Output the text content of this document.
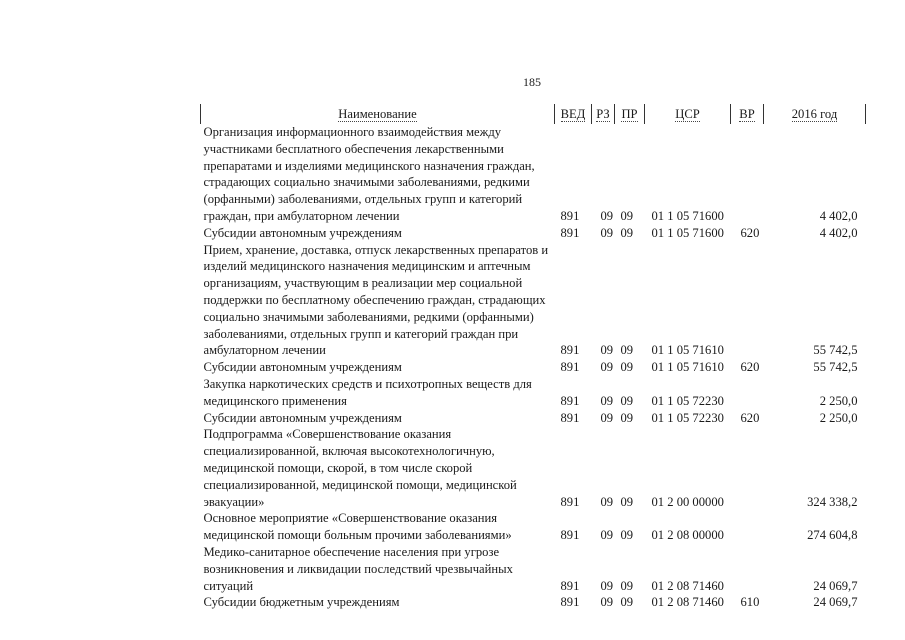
185
Наименование	ВЕД	РЗ	ПР	ЦСР	ВР	2016 год
Организация информационного взаимодействия между участниками бесплатного обеспечения лекарственными препаратами и изделиями медицинского назначения граждан, страдающих социально значимыми заболеваниями, редкими (орфанными) заболеваниями, отдельных групп и категорий граждан, при амбулаторном лечении	891	09	09	01 1 05 71600		4 402,0
Субсидии автономным учреждениям	891	09	09	01 1 05 71600	620	4 402,0
Прием, хранение, доставка, отпуск лекарственных препаратов и изделий медицинского назначения медицинским и аптечным организациям, участвующим в реализации мер социальной поддержки по бесплатному обеспечению граждан, страдающих социально значимыми заболеваниями, редкими (орфанными) заболеваниями, отдельных групп и категорий граждан при амбулаторном лечении	891	09	09	01 1 05 71610		55 742,5
Субсидии автономным учреждениям	891	09	09	01 1 05 71610	620	55 742,5
Закупка наркотических средств и психотропных веществ для медицинского применения	891	09	09	01 1 05 72230		2 250,0
Субсидии автономным учреждениям	891	09	09	01 1 05 72230	620	2 250,0
Подпрограмма «Совершенствование оказания специализированной, включая высокотехнологичную, медицинской помощи, скорой, в том числе скорой специализированной, медицинской помощи, медицинской эвакуации»	891	09	09	01 2 00 00000		324 338,2
Основное мероприятие «Совершенствование оказания медицинской помощи больным прочими заболеваниями»	891	09	09	01 2 08 00000		274 604,8
Медико-санитарное обеспечение населения при угрозе возникновения и ликвидации последствий чрезвычайных ситуаций	891	09	09	01 2 08 71460		24 069,7
Субсидии бюджетным учреждениям	891	09	09	01 2 08 71460	610	24 069,7
